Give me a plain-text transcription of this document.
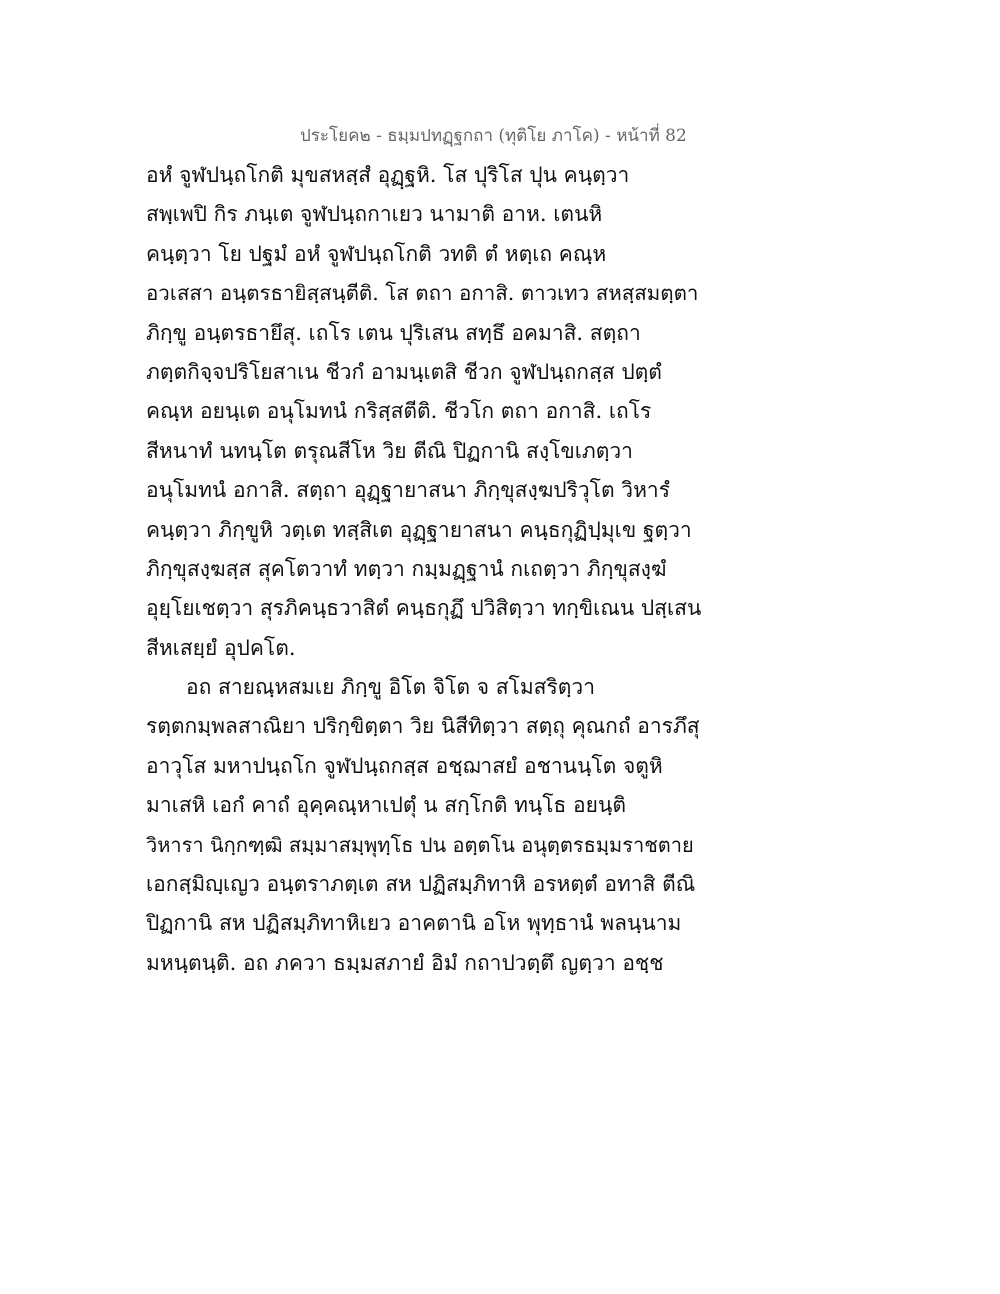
ประโยค๒ - ธมฺมปทฏฺฐกถา (ทุติโย ภาโค) - หน้าที่ 82
อหํ จูฬปนฺถโกติ มุขสหสฺสํ อุฏฺฐหิ. โส ปุริโส ปุน คนฺตฺวา
สพฺเพปิ กิร ภนฺเต จูฬปนฺถกาเยว นามาติ อาห. เตนหิ
คนฺตฺวา โย ปฐมํ อหํ จูฬปนฺถโกติ วทติ ตํ หตฺเถ คณฺห
อวเสสา อนฺตรธายิสฺสนฺตีติ. โส ตถา อกาสิ. ตาวเทว สหสฺสมตฺตา
ภิกฺขู อนฺตรธายึสุ. เถโร เตน ปุริเสน สทฺธึ อคมาสิ. สตฺถา
ภตฺตกิจฺจปริโยสาเน ชีวกํ อามนฺเตสิ ชีวก จูฬปนฺถกสฺส ปตฺตํ
คณฺห อยนฺเต อนุโมทนํ กริสฺสตีติ. ชีวโก ตถา อกาสิ. เถโร
สีหนาทํ นทนฺโต ตรุณสีโห วิย ตีณิ ปิฏกานิ สงฺโขเภตฺวา
อนุโมทนํ อกาสิ. สตฺถา อุฏฺฐายาสนา ภิกฺขุสงฺฆปริวุโต วิหารํ
คนฺตฺวา ภิกฺขูหิ วตฺเต ทสฺสิเต อุฏฺฐายาสนา คนฺธกุฏิปฺมุเข ฐตฺวา
ภิกฺขุสงฺฆสฺส สุคโตวาทํ ทตฺวา กมฺมฏฺฐานํ กเถตฺวา ภิกฺขุสงฺฆํ
อุยฺโยเชตฺวา สุรภิคนฺธวาสิตํ คนฺธกุฏึ ปวิสิตฺวา ทกฺขิเณน ปสฺเสน
สีหเสยฺยํ อุปคโต.
อถ สายณฺหสมเย ภิกฺขู อิโต จิโต จ สโมสริตฺวา
รตฺตกมฺพลสาณิยา ปริกฺขิตฺตา วิย นิสีทิตฺวา สตฺถุ คุณกถํ อารภึสุ
อาวุโส มหาปนฺถโก จูฬปนฺถกสฺส อชฺฌาสยํ อชานนฺโต จตูหิ
มาเสหิ เอกํ คาถํ อุคฺคณฺหาเปตุํ น สกฺโกติ ทนฺโธ อยนฺติ
วิหารา นิกฺกฑฺฒิ สมฺมาสมฺพุทฺโธ ปน อตฺตโน อนุตฺตรธมฺมราชตาย
เอกสฺมิญฺเญว อนฺตราภตฺเต สห ปฏิสมฺภิทาหิ อรหตฺตํ อทาสิ ตีณิ
ปิฏกานิ สห ปฏิสมฺภิทาหิเยว อาคตานิ อโห พุทฺธานํ พลนฺนาม
มหนฺตนฺติ. อถ ภควา ธมฺมสภายํ อิมํ กถาปวตฺตึ ญตฺวา อชฺช
